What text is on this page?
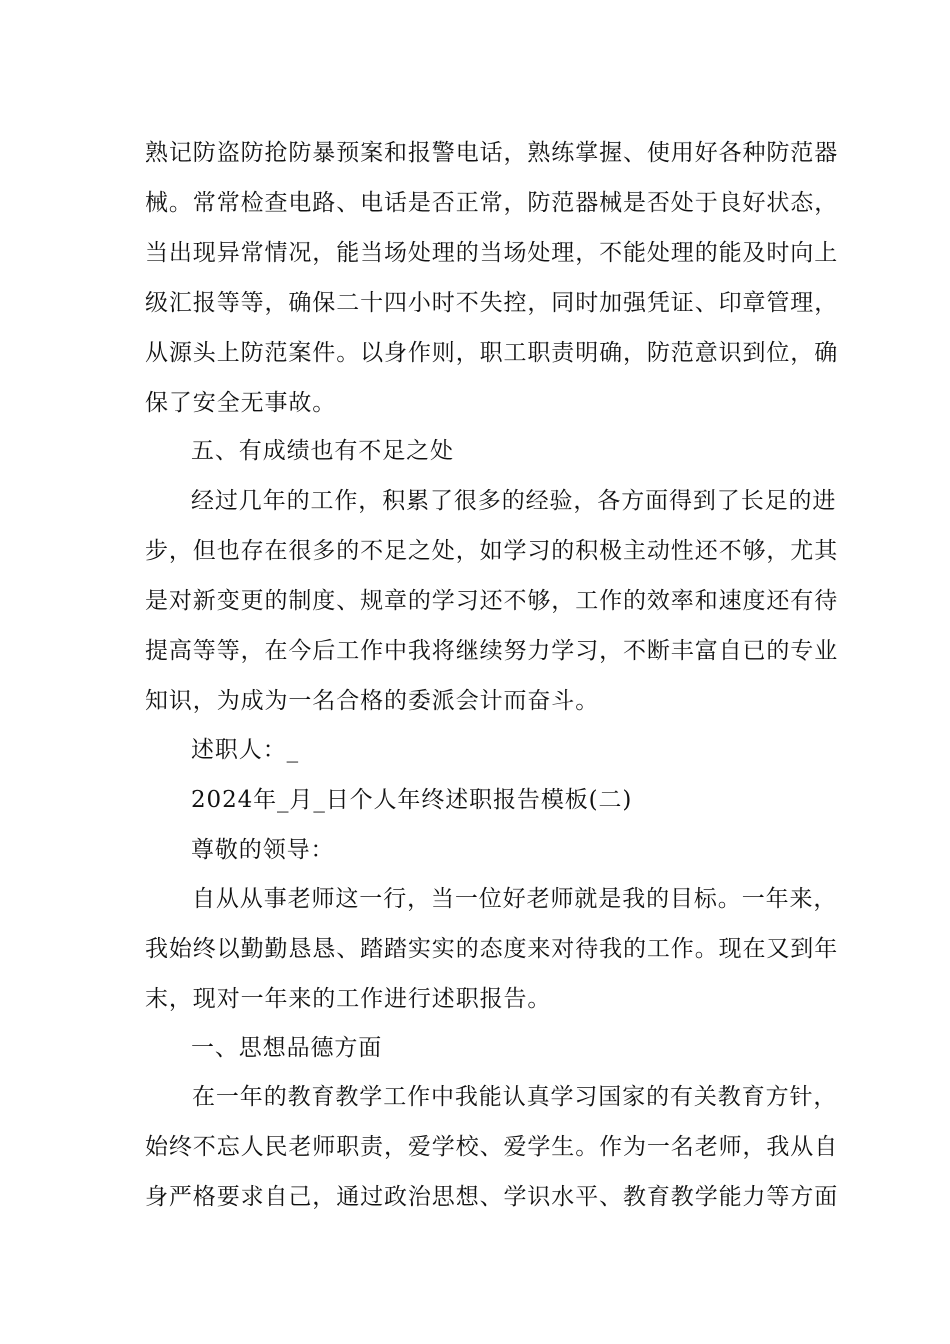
熟记防盗防抢防暴预案和报警电话，熟练掌握、使用好各种防范器
械。常常检查电路、电话是否正常，防范器械是否处于良好状态，
当出现异常情况，能当场处理的当场处理，不能处理的能及时向上
级汇报等等，确保二十四小时不失控，同时加强凭证、印章管理，
从源头上防范案件。以身作则，职工职责明确，防范意识到位，确
保了安全无事故。
五、有成绩也有不足之处
经过几年的工作，积累了很多的经验，各方面得到了长足的进
步，但也存在很多的不足之处，如学习的积极主动性还不够，尤其
是对新变更的制度、规章的学习还不够，工作的效率和速度还有待
提高等等，在今后工作中我将继续努力学习，不断丰富自已的专业
知识，为成为一名合格的委派会计而奋斗。
述职人：_
2024年_月_日个人年终述职报告模板(二)
尊敬的领导：
自从从事老师这一行，当一位好老师就是我的目标。一年来，
我始终以勤勤恳恳、踏踏实实的态度来对待我的工作。现在又到年
末，现对一年来的工作进行述职报告。
一、思想品德方面
在一年的教育教学工作中我能认真学习国家的有关教育方针，
始终不忘人民老师职责，爱学校、爱学生。作为一名老师，我从自
身严格要求自己，通过政治思想、学识水平、教育教学能力等方面
